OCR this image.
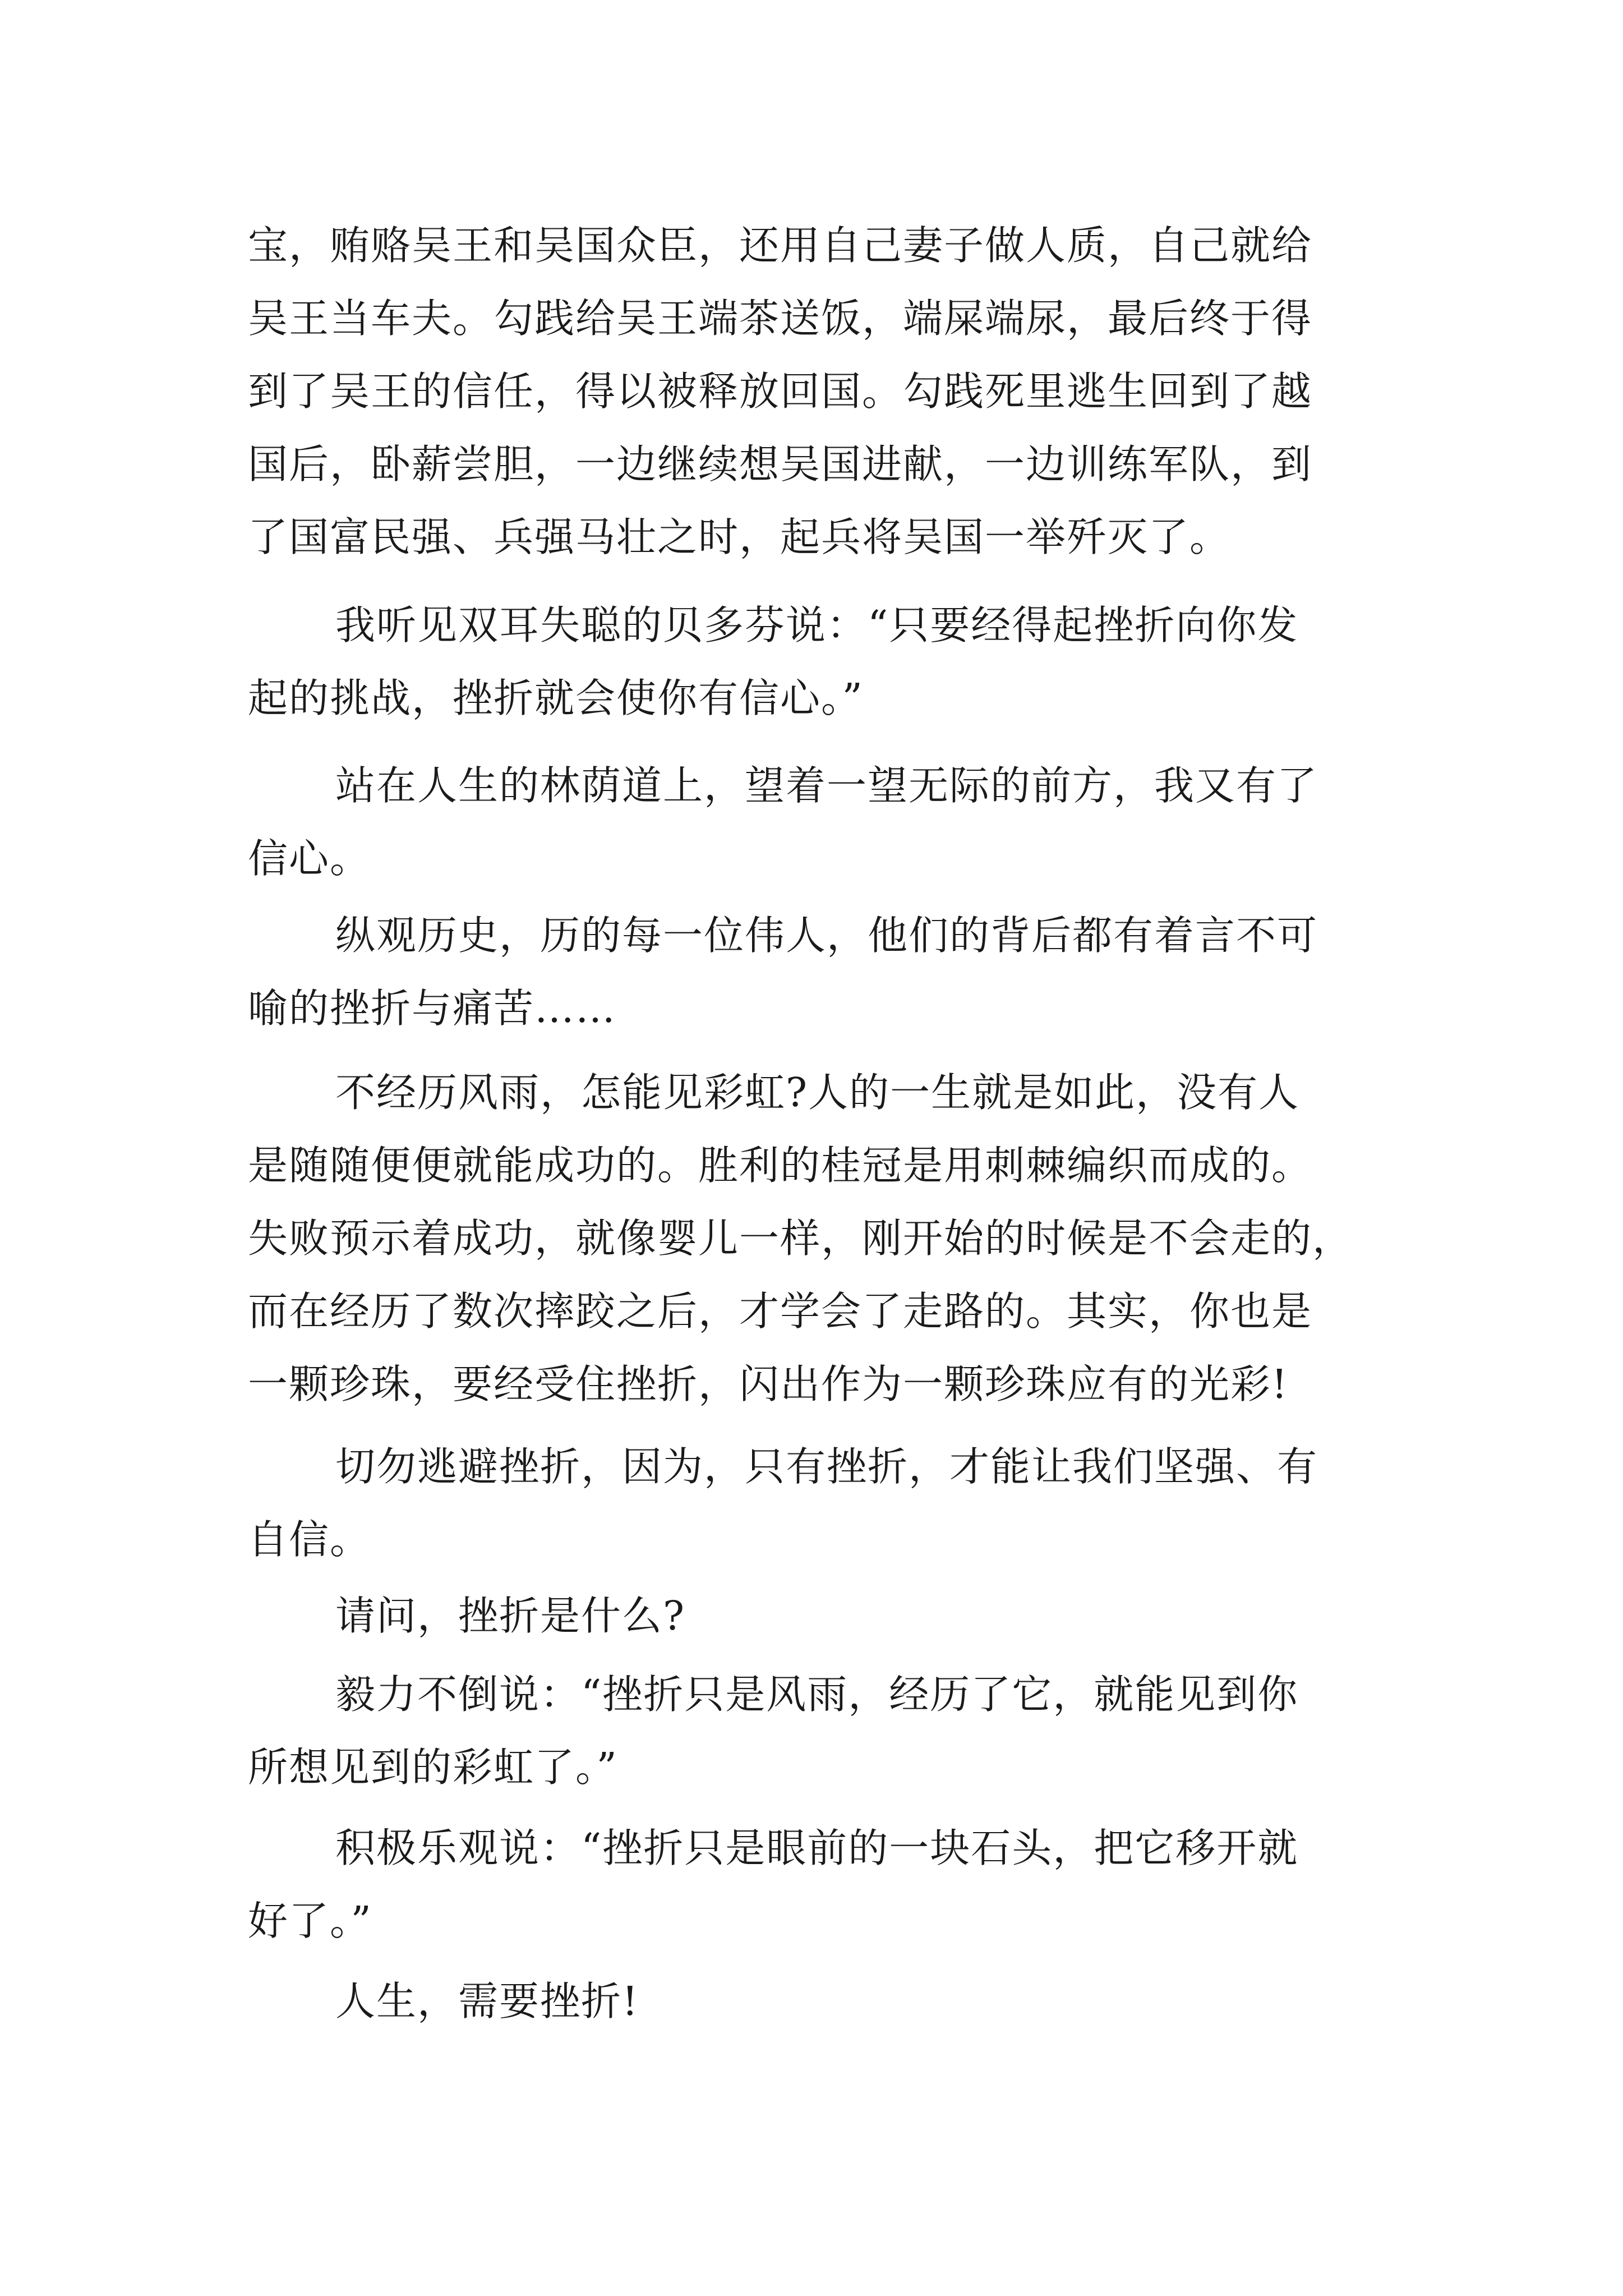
宝，贿赂吴王和吴国众臣，还用自己妻子做人质，自己就给
吴王当车夫。勾践给吴王端茶送饭，端屎端尿，最后终于得
到了吴王的信任，得以被释放回国。勾践死里逃生回到了越
国后，卧薪尝胆，一边继续想吴国进献，一边训练军队，到
了国富民强、兵强马壮之时，起兵将吴国一举歼灭了。
我听见双耳失聪的贝多芬说：“只要经得起挫折向你发
起的挑战，挫折就会使你有信心。”
站在人生的林荫道上，望着一望无际的前方，我又有了
信心。
纵观历史，历的每一位伟人，他们的背后都有着言不可
喻的挫折与痛苦……
不经历风雨，怎能见彩虹?人的一生就是如此，没有人
是随随便便就能成功的。胜利的桂冠是用刺棘编织而成的。
失败预示着成功，就像婴儿一样，刚开始的时候是不会走的，
而在经历了数次摔跤之后，才学会了走路的。其实，你也是
一颗珍珠，要经受住挫折，闪出作为一颗珍珠应有的光彩!
切勿逃避挫折，因为，只有挫折，才能让我们坚强、有
自信。
请问，挫折是什么?
毅力不倒说：“挫折只是风雨，经历了它，就能见到你
所想见到的彩虹了。”
积极乐观说：“挫折只是眼前的一块石头，把它移开就
好了。”
人生，需要挫折!
